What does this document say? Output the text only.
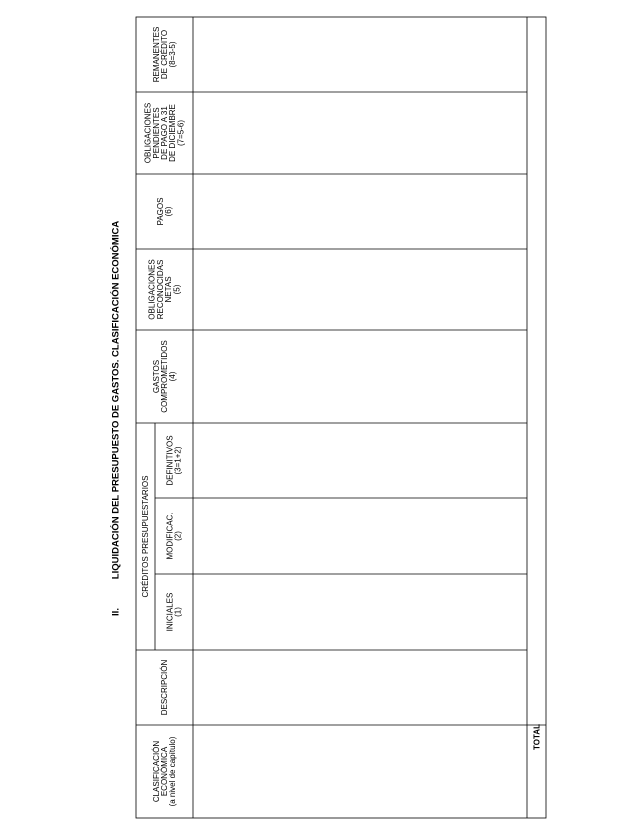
II.
LIQUIDACIÓN DEL PRESUPUESTO DE GASTOS. CLASIFICACIÓN ECONÓMICA
CLASIFICACIÓN ECONÓMICA (a nivel de capítulo)
DESCRIPCIÓN
CRÉDITOS PRESUPUESTARIOS
INICIALES (1)
MODIFICAC. (2)
DEFINITIVOS (3=1+2)
GASTOS COMPROMETIDOS (4)
OBLIGACIONES RECONOCIDAS NETAS (5)
PAGOS (6)
OBLIGACIONES PENDIENTES DE PAGO A 31 DE DICIEMBRE (7=5-6)
REMANENTES DE CRÉDITO (8=3-5)
TOTAL
